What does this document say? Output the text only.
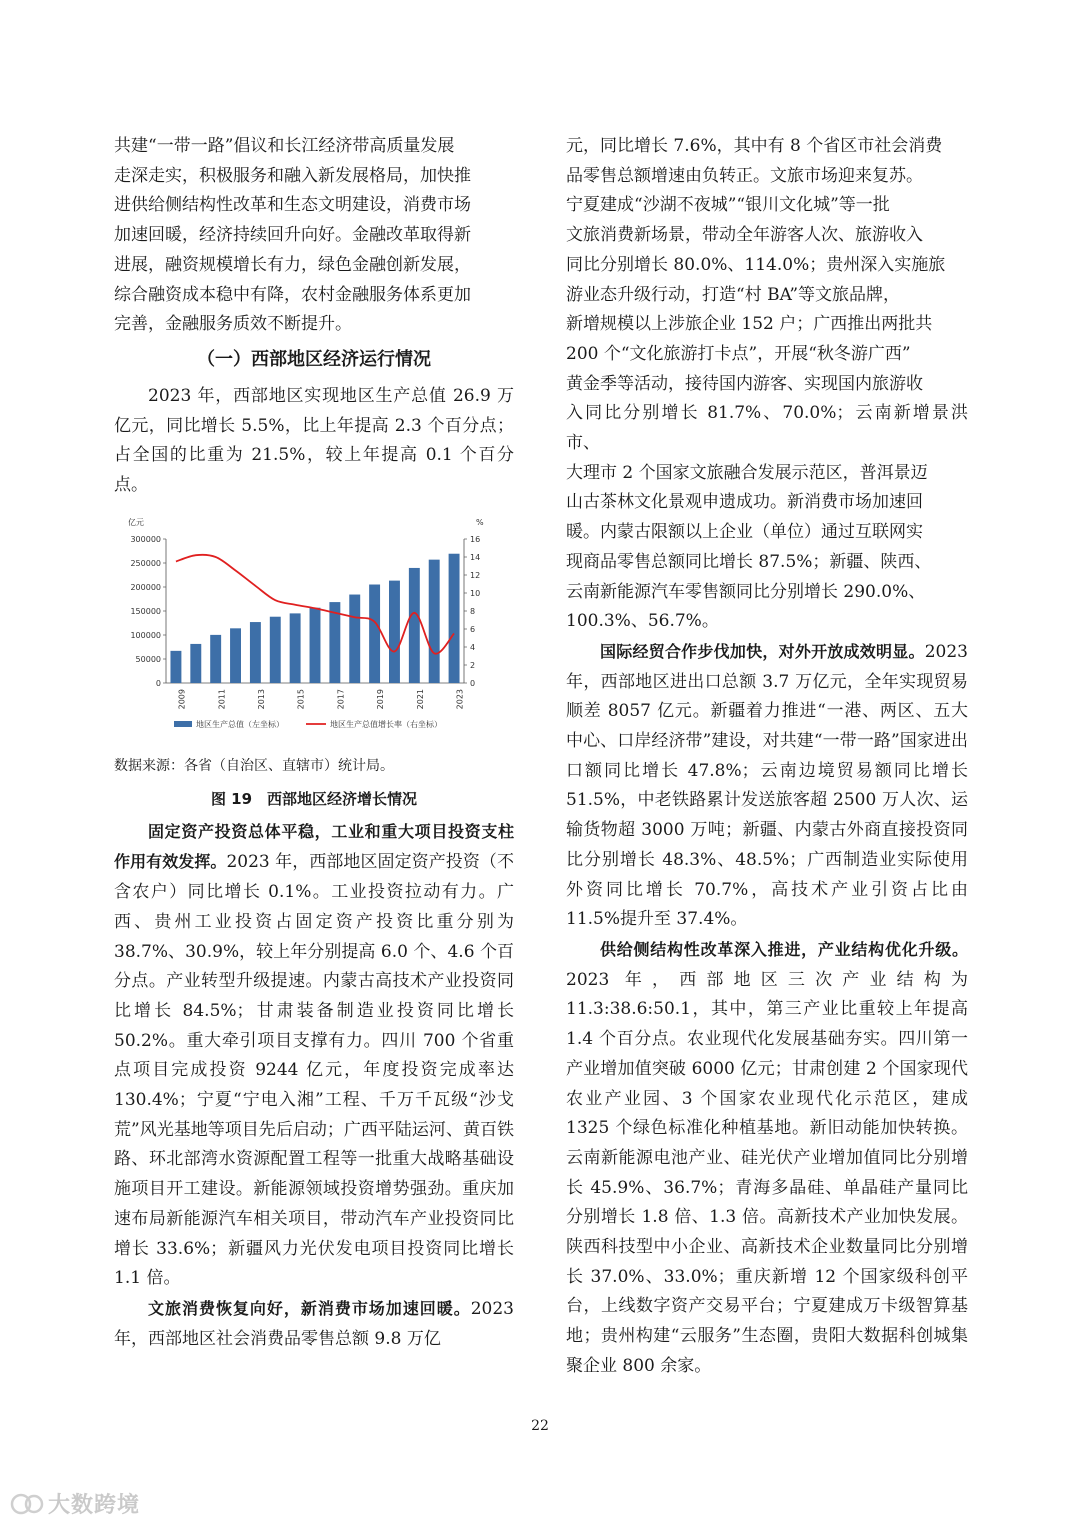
共建“一带一路”倡议和长江经济带高质量发展

走深走实，积极服务和融入新发展格局，加快推

进供给侧结构性改革和生态文明建设，消费市场

加速回暖，经济持续回升向好。金融改革取得新

进展，融资规模增长有力，绿色金融创新发展，

综合融资成本稳中有降，农村金融服务体系更加

完善，金融服务质效不断提升。

（一）西部地区经济运行情况

2023 年，西部地区实现地区生产总值 26.9 万亿元，同比增长 5.5%，比上年提高 2.3 个百分点；占全国的比重为 21.5%，较上年提高 0.1 个百分点。

亿元	%
0
50000
100000
150000
200000
250000
300000
0
2
4
6
8
10
12
14
16
2009	2011	2013	2015	2017	2019	2021	2023
地区生产总值（左坐标）	地区生产总值增长率（右坐标）
数据来源：各省（自治区、直辖市）统计局。
图 19　西部地区经济增长情况

固定资产投资总体平稳，工业和重大项目投资支柱作用有效发挥。2023 年，西部地区固定资产投资（不含农户）同比增长 0.1%。工业投资拉动有力。广西、贵州工业投资占固定资产投资比重分别为 38.7%、30.9%，较上年分别提高 6.0 个、4.6 个百分点。产业转型升级提速。内蒙古高技术产业投资同比增长 84.5%；甘肃装备制造业投资同比增长 50.2%。重大牵引项目支撑有力。四川 700 个省重点项目完成投资 9244 亿元，年度投资完成率达 130.4%；宁夏“宁电入湘”工程、千万千瓦级“沙戈荒”风光基地等项目先后启动；广西平陆运河、黄百铁路、环北部湾水资源配置工程等一批重大战略基础设施项目开工建设。新能源领域投资增势强劲。重庆加速布局新能源汽车相关项目，带动汽车产业投资同比增长 33.6%；新疆风力光伏发电项目投资同比增长 1.1 倍。

文旅消费恢复向好，新消费市场加速回暖。2023 年，西部地区社会消费品零售总额 9.8 万亿

元，同比增长 7.6%，其中有 8 个省区市社会消费

品零售总额增速由负转正。文旅市场迎来复苏。

宁夏建成“沙湖不夜城”“银川文化城”等一批

文旅消费新场景，带动全年游客人次、旅游收入

同比分别增长 80.0%、114.0%；贵州深入实施旅

游业态升级行动，打造“村 BA”等文旅品牌，

新增规模以上涉旅企业 152 户；广西推出两批共

200 个“文化旅游打卡点”，开展“秋冬游广西”

黄金季等活动，接待国内游客、实现国内旅游收

入同比分别增长 81.7%、70.0%；云南新增景洪市、

大理市 2 个国家文旅融合发展示范区，普洱景迈

山古茶林文化景观申遗成功。新消费市场加速回

暖。内蒙古限额以上企业（单位）通过互联网实

现商品零售总额同比增长 87.5%；新疆、陕西、

云南新能源汽车零售额同比分别增长 290.0%、

100.3%、56.7%。

国际经贸合作步伐加快，对外开放成效明显。2023 年，西部地区进出口总额 3.7 万亿元，全年实现贸易顺差 8057 亿元。新疆着力推进“一港、两区、五大中心、口岸经济带”建设，对共建“一带一路”国家进出口额同比增长 47.8%；云南边境贸易额同比增长 51.5%，中老铁路累计发送旅客超 2500 万人次、运输货物超 3000 万吨；新疆、内蒙古外商直接投资同比分别增长 48.3%、48.5%；广西制造业实际使用外资同比增长 70.7%，高技术产业引资占比由 11.5%提升至 37.4%。

供给侧结构性改革深入推进，产业结构优化升级。2023 年，西部地区三次产业结构为 11.3:38.6:50.1，其中，第三产业比重较上年提高 1.4 个百分点。农业现代化发展基础夯实。四川第一产业增加值突破 6000 亿元；甘肃创建 2 个国家现代农业产业园、3 个国家农业现代化示范区，建成 1325 个绿色标准化种植基地。新旧动能加快转换。云南新能源电池产业、硅光伏产业增加值同比分别增长 45.9%、36.7%；青海多晶硅、单晶硅产量同比分别增长 1.8 倍、1.3 倍。高新技术产业加快发展。陕西科技型中小企业、高新技术企业数量同比分别增长 37.0%、33.0%；重庆新增 12 个国家级科创平台，上线数字资产交易平台；宁夏建成万卡级智算基地；贵州构建“云服务”生态圈，贵阳大数据科创城集聚企业 800 余家。

22
大数跨境
